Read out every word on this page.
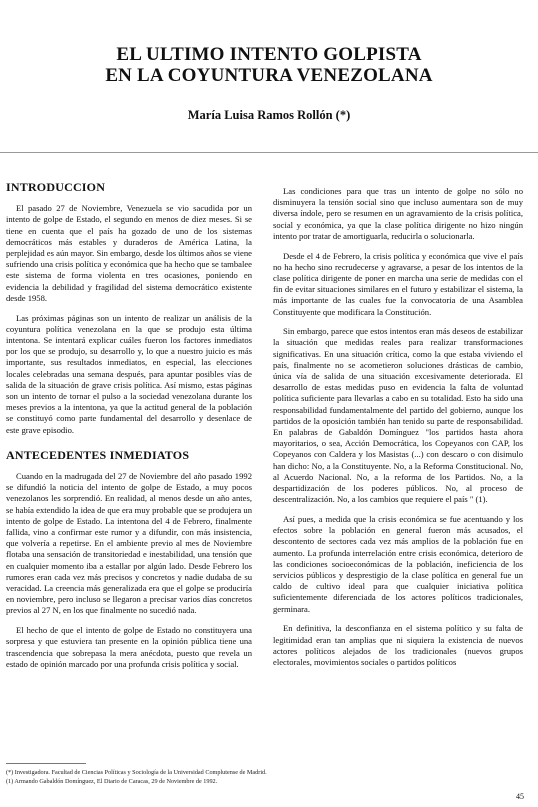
EL ULTIMO INTENTO GOLPISTA
EN LA COYUNTURA VENEZOLANA
María Luisa Ramos Rollón (*)
INTRODUCCION

El pasado 27 de Noviembre, Venezuela se vio sacudida por un intento de golpe de Estado, el segundo en menos de diez meses. Si se tiene en cuenta que el país ha gozado de uno de los sistemas democráticos más estables y duraderos de América Latina, la perplejidad es aún mayor. Sin embargo, desde los últimos años se viene sufriendo una crisis política y económica que ha hecho que se tambalee este sistema de forma violenta en tres ocasiones, poniendo en evidencia la debilidad y fragilidad del sistema democrático existente desde 1958.

Las próximas páginas son un intento de realizar un análisis de la coyuntura política venezolana en la que se produjo esta última intentona. Se intentará explicar cuáles fueron los factores inmediatos por los que se produjo, su desarrollo y, lo que a nuestro juicio es más importante, sus resultados inmediatos, en especial, las elecciones locales celebradas una semana después, para apuntar posibles vías de salida de la situación de grave crisis política. Así mismo, estas páginas son un intento de tornar el pulso a la sociedad venezolana durante los meses previos a la intentona, ya que la actitud general de la población se constituyó como parte fundamental del desarrollo y desenlace de este grave episodio.

ANTECEDENTES INMEDIATOS

Cuando en la madrugada del 27 de Noviembre del año pasado 1992 se difundió la noticia del intento de golpe de Estado, a muy pocos venezolanos les sorprendió. En realidad, al menos desde un año antes, se había extendido la idea de que era muy probable que se produjera un intento de golpe de Estado. La intentona del 4 de Febrero, finalmente fallida, vino a confirmar este rumor y a difundir, con más insistencia, que volvería a repetirse. En el ambiente previo al mes de Noviembre flotaba una sensación de transitoriedad e inestabilidad, una tensión que en cualquier momento iba a estallar por algún lado. Desde Febrero los rumores eran cada vez más precisos y concretos y nadie dudaba de su veracidad. La creencia más generalizada era que el golpe se produciría en noviembre, pero incluso se llegaron a precisar varios días concretos previos al 27 N, en los que finalmente no sucedió nada.

El hecho de que el intento de golpe de Estado no constituyera una sorpresa y que estuviera tan presente en la opinión pública tiene una trascendencia que sobrepasa la mera anécdota, puesto que revela un estado de opinión marcado por una profunda crisis política y social.

Las condiciones para que tras un intento de golpe no sólo no disminuyera la tensión social sino que incluso aumentara son de muy diversa índole, pero se resumen en un agravamiento de la crisis política, social y económica, ya que la clase política dirigente no hizo ningún intento por tratar de amortiguarla, reducirla o solucionarla.

Desde el 4 de Febrero, la crisis política y económica que vive el país no ha hecho sino recrudecerse y agravarse, a pesar de los intentos de la clase política dirigente de poner en marcha una serie de medidas con el fin de evitar situaciones similares en el futuro y estabilizar el sistema, la más importante de las cuales fue la convocatoria de una Asamblea Constituyente que modificara la Constitución.

Sin embargo, parece que estos intentos eran más deseos de estabilizar la situación que medidas reales para realizar transformaciones significativas. En una situación crítica, como la que estaba viviendo el país, finalmente no se acometieron soluciones drásticas de cambio, única vía de salida de una situación excesivamente deteriorada. El desarrollo de estas medidas puso en evidencia la falta de voluntad política suficiente para llevarlas a cabo en su totalidad. Esto ha sido una responsabilidad fundamentalmente del partido del gobierno, aunque los partidos de la oposición también han tenido su parte de responsabilidad. En palabras de Gabaldón Domínguez "los partidos hasta ahora mayoritarios, o sea, Acción Democrática, los Copeyanos con CAP, los Copeyanos con Caldera y los Masistas (...) con descaro o con disimulo han dicho: No, a la Constituyente. No, a la Reforma Constitucional. No, al Acuerdo Nacional. No, a la reforma de los Partidos. No, a la despartidización de los poderes públicos. No, al proceso de descentralización. No, a los cambios que requiere el país " (1).

Así pues, a medida que la crisis económica se fue acentuando y los efectos sobre la población en general fueron más acusados, el descontento de sectores cada vez más amplios de la población fue en aumento. La profunda interrelación entre crisis económica, deterioro de las condiciones socioeconómicas de la población, ineficiencia de los servicios públicos y desprestigio de la clase política en general fue un caldo de cultivo ideal para que cualquier iniciativa política suficientemente diferenciada de los actores políticos tradicionales, germinara.

En definitiva, la desconfianza en el sistema político y su falta de legitimidad eran tan amplias que ni siquiera la existencia de nuevos actores políticos alejados de los tradicionales (nuevos grupos electorales, movimientos sociales o partidos políticos

(*) Investigadora. Facultad de Ciencias Políticas y Sociología de la Universidad Complutense de Madrid.
(1) Armando Gabaldón Domínguez, El Diario de Caracas, 29 de Noviembre de 1992.
45
